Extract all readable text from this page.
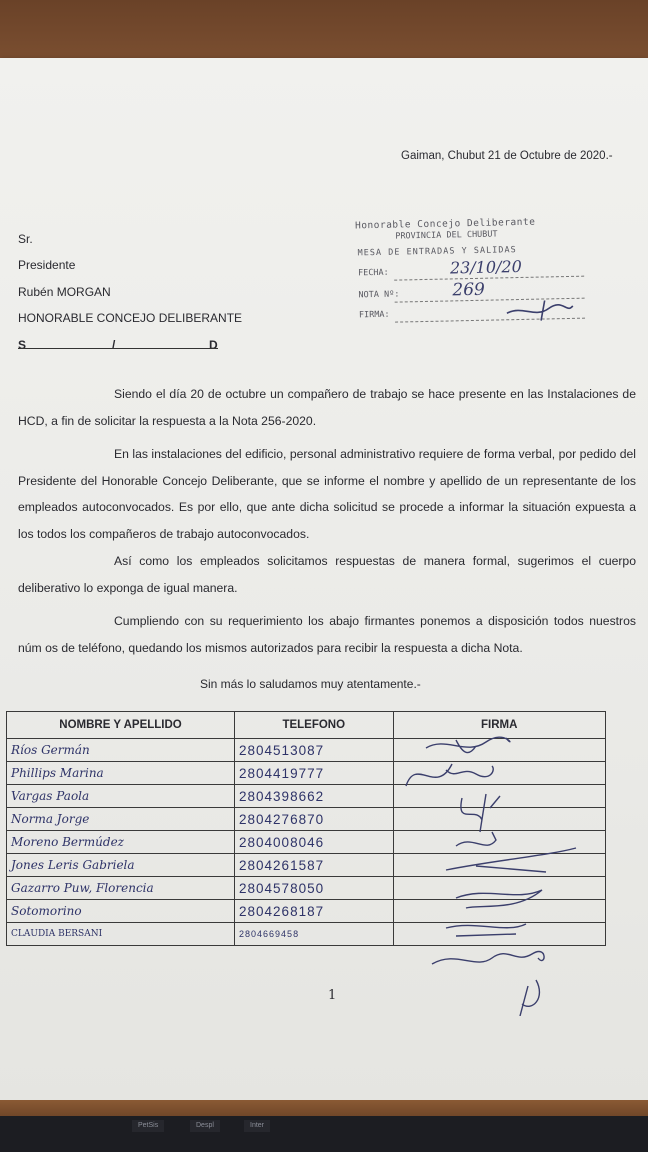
Gaiman, Chubut 21 de Octubre de 2020.-
Sr.
Presidente
Rubén MORGAN
HONORABLE CONCEJO DELIBERANTE
S	/	D
Honorable Concejo Deliberante
PROVINCIA DEL CHUBUT
MESA DE ENTRADAS Y SALIDAS
FECHA:	23/10/20
NOTA Nº:	269
FIRMA:
Siendo el día 20 de octubre un compañero de trabajo se hace presente en las Instalaciones de HCD, a fin de solicitar la respuesta a la Nota 256-2020.
En las instalaciones del edificio, personal administrativo requiere de forma verbal, por pedido del Presidente del Honorable Concejo Deliberante, que se informe el nombre y apellido de un representante de los empleados autoconvocados. Es por ello, que ante dicha solicitud se procede a informar la situación expuesta a los todos los compañeros de trabajo autoconvocados.
Así como los empleados solicitamos respuestas de manera formal, sugerimos el cuerpo deliberativo lo exponga de igual manera.
Cumpliendo con su requerimiento los abajo firmantes ponemos a disposición todos nuestros núm os de teléfono, quedando los mismos autorizados para recibir la respuesta a dicha Nota.
Sin más lo saludamos muy atentamente.-
NOMBRE Y APELLIDO	TELEFONO	FIRMA
Ríos Germán	2804513087	
Phillips Marina	2804419777	
Vargas Paola	2804398662	
Norma Jorge	2804276870	
Moreno Bermúdez	2804008046	
Jones Leris Gabriela	2804261587	
Gazarro Puw, Florencia	2804578050	
Sotomorino	2804268187	
CLAUDIA BERSANI	2804669458	
1
PetSis	Despl	Inter
